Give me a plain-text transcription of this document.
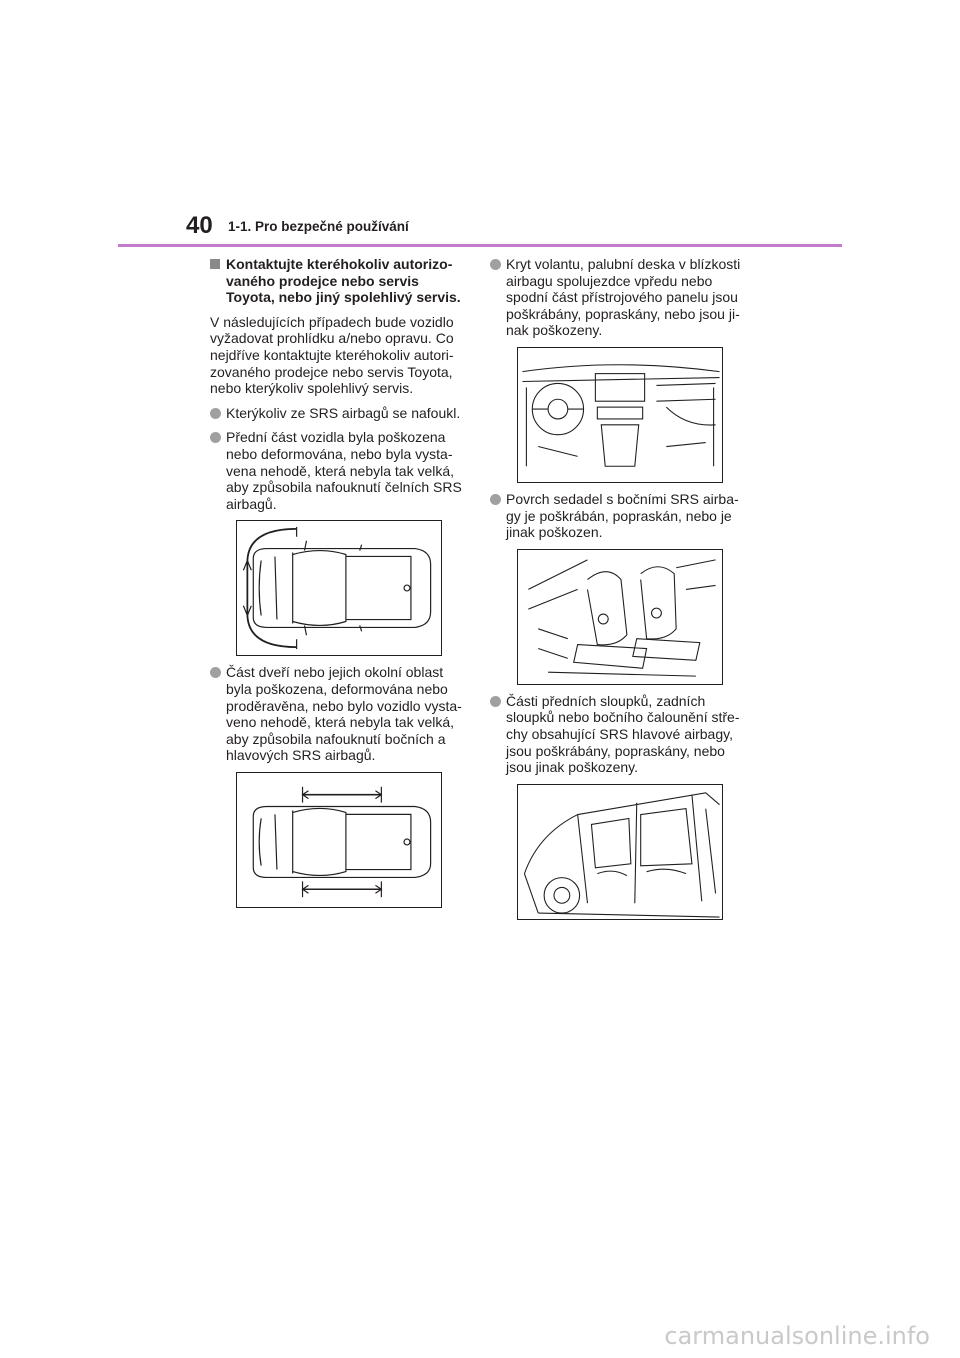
40 1-1. Pro bezpečné používání
Kontaktujte kteréhokoliv autorizo-vaného prodejce nebo servis Toyota, nebo jiný spolehlivý servis.
V následujících případech bude vozidlo vyžadovat prohlídku a/nebo opravu. Co nejdříve kontaktujte kteréhokoliv autori-zovaného prodejce nebo servis Toyota, nebo kterýkoliv spolehlivý servis.
Kterýkoliv ze SRS airbagů se nafoukl.
Přední část vozidla byla poškozena nebo deformována, nebo byla vysta-vena nehodě, která nebyla tak velká, aby způsobila nafouknutí čelních SRS airbagů.
Část dveří nebo jejich okolní oblast byla poškozena, deformována nebo proděravěna, nebo bylo vozidlo vysta-veno nehodě, která nebyla tak velká, aby způsobila nafouknutí bočních a hlavových SRS airbagů.
Kryt volantu, palubní deska v blízkosti airbagu spolujezdce vpředu nebo spodní část přístrojového panelu jsou poškrábány, popraskány, nebo jsou ji-nak poškozeny.
Povrch sedadel s bočními SRS airba-gy je poškrábán, popraskán, nebo je jinak poškozen.
Části předních sloupků, zadních sloupků nebo bočního čalounění stře-chy obsahující SRS hlavové airbagy, jsou poškrábány, popraskány, nebo jsou jinak poškozeny.
carmanualsonline.info
